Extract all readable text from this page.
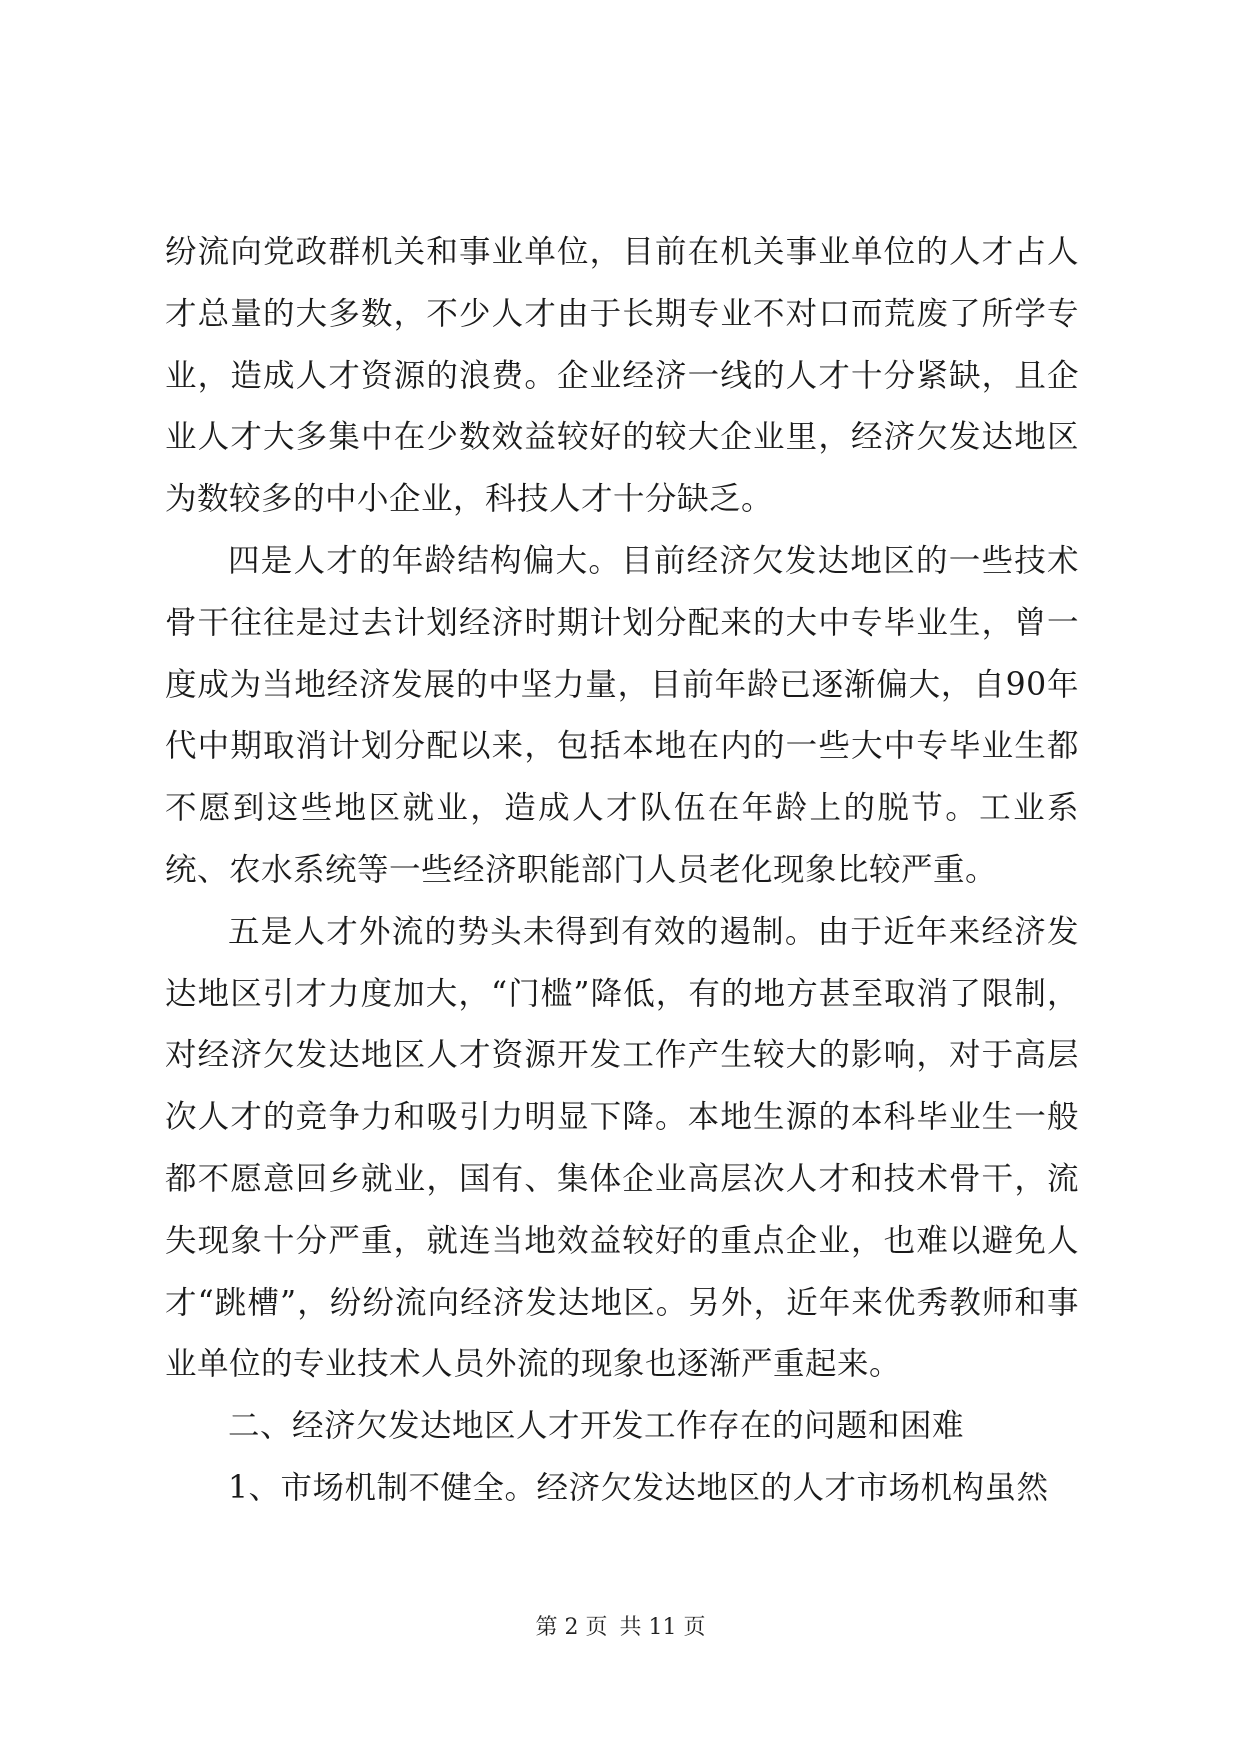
纷流向党政群机关和事业单位，目前在机关事业单位的人才占人才总量的大多数，不少人才由于长期专业不对口而荒废了所学专业，造成人才资源的浪费。企业经济一线的人才十分紧缺，且企业人才大多集中在少数效益较好的较大企业里，经济欠发达地区为数较多的中小企业，科技人才十分缺乏。

四是人才的年龄结构偏大。目前经济欠发达地区的一些技术骨干往往是过去计划经济时期计划分配来的大中专毕业生，曾一度成为当地经济发展的中坚力量，目前年龄已逐渐偏大，自90年代中期取消计划分配以来，包括本地在内的一些大中专毕业生都不愿到这些地区就业，造成人才队伍在年龄上的脱节。工业系统、农水系统等一些经济职能部门人员老化现象比较严重。

五是人才外流的势头未得到有效的遏制。由于近年来经济发达地区引才力度加大，“门槛”降低，有的地方甚至取消了限制，对经济欠发达地区人才资源开发工作产生较大的影响，对于高层次人才的竞争力和吸引力明显下降。本地生源的本科毕业生一般都不愿意回乡就业，国有、集体企业高层次人才和技术骨干，流失现象十分严重，就连当地效益较好的重点企业，也难以避免人才“跳槽”，纷纷流向经济发达地区。另外，近年来优秀教师和事业单位的专业技术人员外流的现象也逐渐严重起来。

二、经济欠发达地区人才开发工作存在的问题和困难

1、市场机制不健全。经济欠发达地区的人才市场机构虽然

第 2 页 共 11 页
